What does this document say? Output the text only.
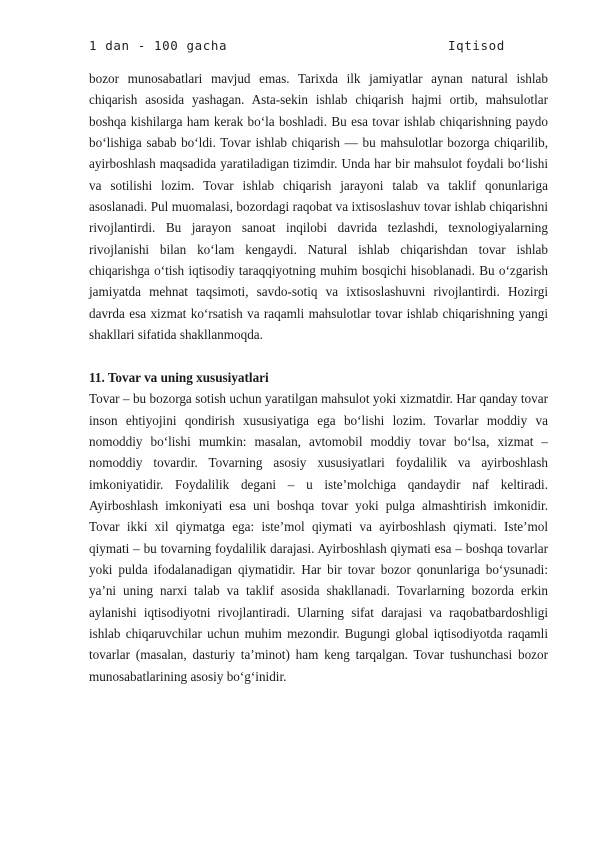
1 dan - 100 gacha	Iqtisod

bozor munosabatlari mavjud emas. Tarixda ilk jamiyatlar aynan natural ishlab chiqarish asosida yashagan. Asta-sekin ishlab chiqarish hajmi ortib, mahsulotlar boshqa kishilarga ham kerak bo‘la boshladi. Bu esa tovar ishlab chiqarishning paydo bo‘lishiga sabab bo‘ldi. Tovar ishlab chiqarish — bu mahsulotlar bozorga chiqarilib, ayirboshlash maqsadida yaratiladigan tizimdir. Unda har bir mahsulot foydali bo‘lishi va sotilishi lozim. Tovar ishlab chiqarish jarayoni talab va taklif qonunlariga asoslanadi. Pul muomalasi, bozordagi raqobat va ixtisoslashuv tovar ishlab chiqarishni rivojlantirdi. Bu jarayon sanoat inqilobi davrida tezlashdi, texnologiyalarning rivojlanishi bilan ko‘lam kengaydi. Natural ishlab chiqarishdan tovar ishlab chiqarishga o‘tish iqtisodiy taraqqiyotning muhim bosqichi hisoblanadi. Bu o‘zgarish jamiyatda mehnat taqsimoti, savdo-sotiq va ixtisoslashuvni rivojlantirdi. Hozirgi davrda esa xizmat ko‘rsatish va raqamli mahsulotlar tovar ishlab chiqarishning yangi shakllari sifatida shakllanmoqda.

11. Tovar va uning xususiyatlari

Tovar – bu bozorga sotish uchun yaratilgan mahsulot yoki xizmatdir. Har qanday tovar inson ehtiyojini qondirish xususiyatiga ega bo‘lishi lozim. Tovarlar moddiy va nomoddiy bo‘lishi mumkin: masalan, avtomobil moddiy tovar bo‘lsa, xizmat – nomoddiy tovardir. Tovarning asosiy xususiyatlari foydalilik va ayirboshlash imkoniyatidir. Foydalilik degani – u iste’molchiga qandaydir naf keltiradi. Ayirboshlash imkoniyati esa uni boshqa tovar yoki pulga almashtirish imkonidir. Tovar ikki xil qiymatga ega: iste’mol qiymati va ayirboshlash qiymati. Iste’mol qiymati – bu tovarning foydalilik darajasi. Ayirboshlash qiymati esa – boshqa tovarlar yoki pulda ifodalanadigan qiymatidir. Har bir tovar bozor qonunlariga bo‘ysunadi: ya’ni uning narxi talab va taklif asosida shakllanadi. Tovarlarning bozorda erkin aylanishi iqtisodiyotni rivojlantiradi. Ularning sifat darajasi va raqobatbardoshligi ishlab chiqaruvchilar uchun muhim mezondir. Bugungi global iqtisodiyotda raqamli tovarlar (masalan, dasturiy ta’minot) ham keng tarqalgan. Tovar tushunchasi bozor munosabatlarining asosiy bo‘g‘inidir.
